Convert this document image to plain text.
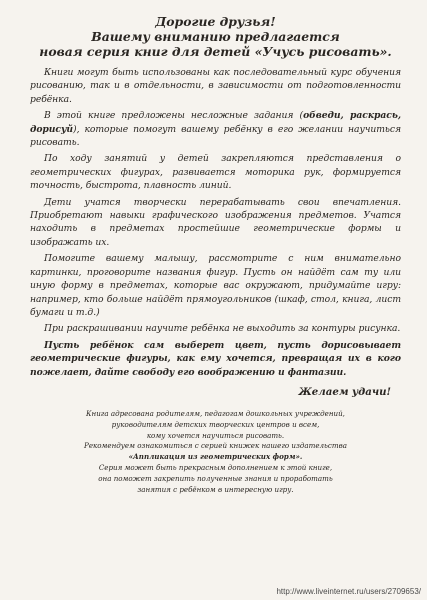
Дорогие друзья!
Вашему вниманию предлагается
новая серия книг для детей «Учусь рисовать».

Книги могут быть использованы как последовательный курс обучения рисованию, так и в отдельности, в зависимости от подготовленности ребёнка.

В этой книге предложены несложные задания (обведи, раскрась, дорисуй), которые помогут вашему ребёнку в его желании научиться рисовать.

По ходу занятий у детей закрепляются представления о геометрических фигурах, развивается моторика рук, формируется точность, быстрота, плавность линий.

Дети учатся творчески перерабатывать свои впечатления. Приобретают навыки графического изображения предметов. Учатся находить в предметах простейшие геометрические формы и изображать их.

Помогите вашему малышу, рассмотрите с ним внимательно картинки, проговорите названия фигур. Пусть он найдёт сам ту или иную форму в предметах, которые вас окружают, придумайте игру: например, кто больше найдёт прямоугольников (шкаф, стол, книга, лист бумаги и т.д.)

При раскрашивании научите ребёнка не выходить за контуры рисунка.

Пусть ребёнок сам выберет цвет, пусть дорисовывает геометрические фигуры, как ему хочется, превращая их в кого пожелает, дайте свободу его воображению и фантазии.

Желаем удачи!
Книга адресована родителям, педагогам дошкольных учреждений,
руководителям детских творческих центров и всем,
кому хочется научиться рисовать.
Рекомендуем ознакомиться с серией книжек нашего издательства
«Аппликация из геометрических форм».
Серия может быть прекрасным дополнением к этой книге,
она поможет закрепить полученные знания и проработать
занятия с ребёнком в интересную игру.
http://www.liveinternet.ru/users/2709653/
